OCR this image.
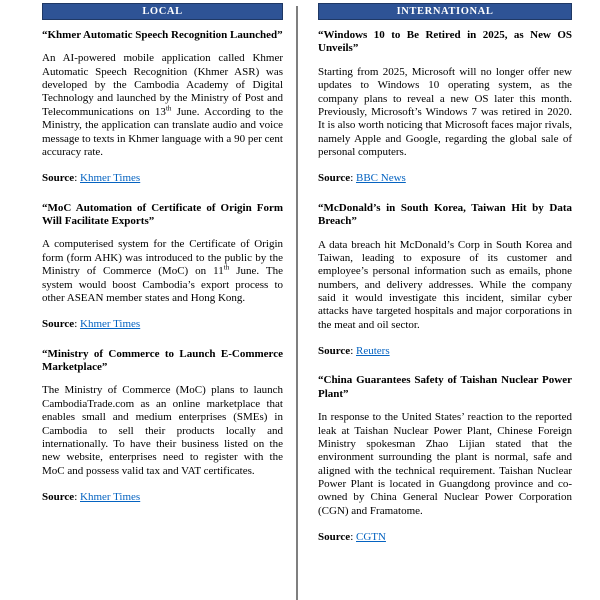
LOCAL
“Khmer Automatic Speech Recognition Launched”

An AI-powered mobile application called Khmer Automatic Speech Recognition (Khmer ASR) was developed by the Cambodia Academy of Digital Technology and launched by the Ministry of Post and Telecommunications on 13th June. According to the Ministry, the application can translate audio and voice message to texts in Khmer language with a 90 per cent accuracy rate.

Source: Khmer Times

“MoC Automation of Certificate of Origin Form Will Facilitate Exports”

A computerised system for the Certificate of Origin form (form AHK) was introduced to the public by the Ministry of Commerce (MoC) on 11th June. The system would boost Cambodia’s export process to other ASEAN member states and Hong Kong.

Source: Khmer Times

“Ministry of Commerce to Launch E-Commerce Marketplace”

The Ministry of Commerce (MoC) plans to launch CambodiaTrade.com as an online marketplace that enables small and medium enterprises (SMEs) in Cambodia to sell their products locally and internationally. To have their business listed on the new website, enterprises need to register with the MoC and possess valid tax and VAT certificates.

Source: Khmer Times

INTERNATIONAL
“Windows 10 to Be Retired in 2025, as New OS Unveils”

Starting from 2025, Microsoft will no longer offer new updates to Windows 10 operating system, as the company plans to reveal a new OS later this month. Previously, Microsoft’s Windows 7 was retired in 2020. It is also worth noticing that Microsoft faces major rivals, namely Apple and Google, regarding the global sale of personal computers.

Source: BBC News

“McDonald’s in South Korea, Taiwan Hit by Data Breach”

A data breach hit McDonald’s Corp in South Korea and Taiwan, leading to exposure of its customer and employee’s personal information such as emails, phone numbers, and delivery addresses. While the company said it would investigate this incident, similar cyber attacks have targeted hospitals and major corporations in the meat and oil sector.

Source: Reuters

“China Guarantees Safety of Taishan Nuclear Power Plant”

In response to the United States’ reaction to the reported leak at Taishan Nuclear Power Plant, Chinese Foreign Ministry spokesman Zhao Lijian stated that the environment surrounding the plant is normal, safe and aligned with the technical requirement. Taishan Nuclear Power Plant is located in Guangdong province and co-owned by China General Nuclear Power Corporation (CGN) and Framatome.

Source: CGTN
